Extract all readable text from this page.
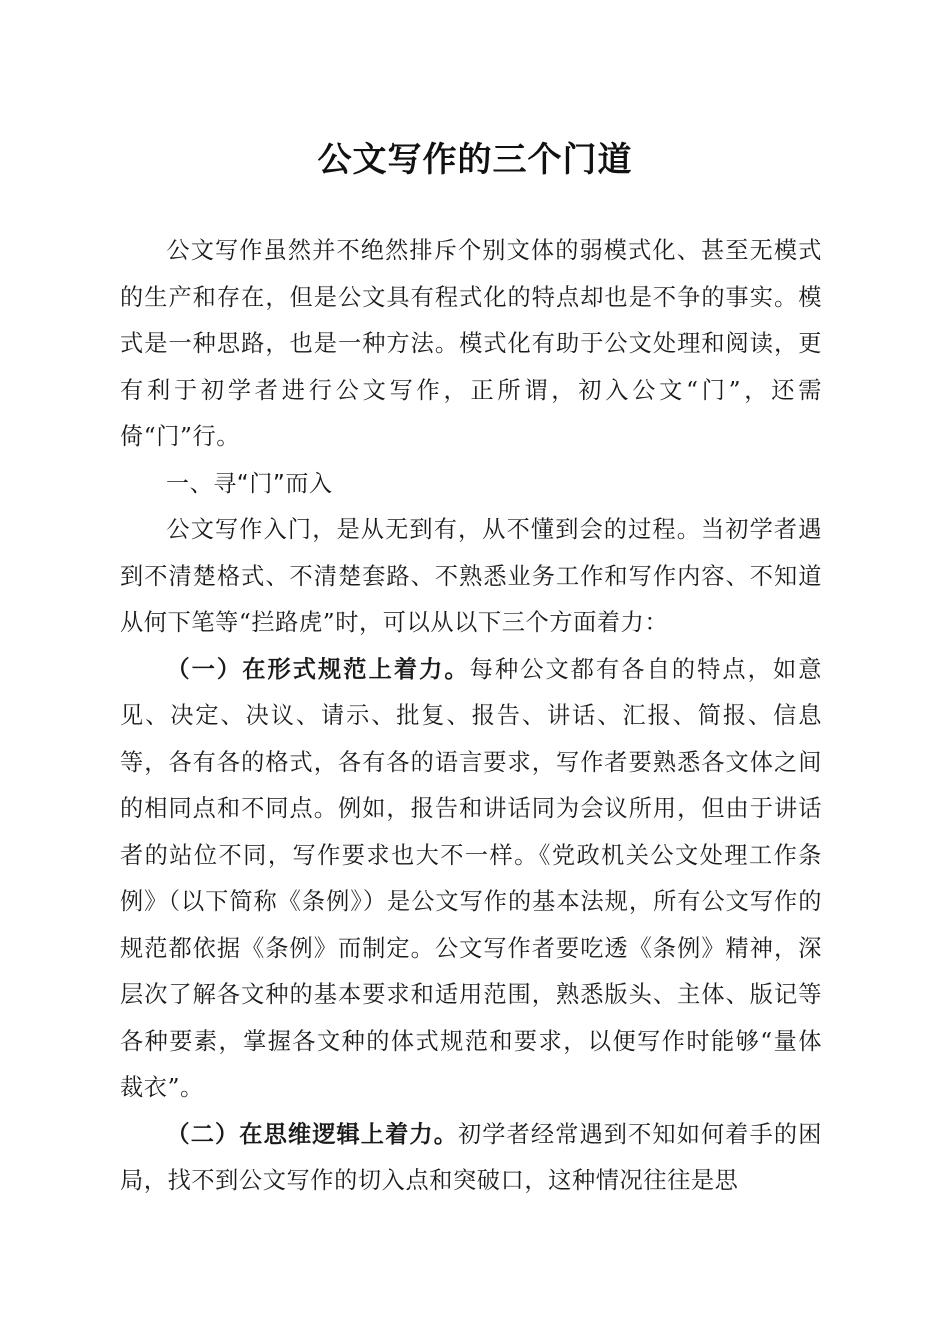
公文写作的三个门道

公文写作虽然并不绝然排斥个别文体的弱模式化、甚至无模式的生产和存在，但是公文具有程式化的特点却也是不争的事实。模式是一种思路，也是一种方法。模式化有助于公文处理和阅读，更有利于初学者进行公文写作，正所谓，初入公文“门”，还需倚“门”行。

一、寻“门”而入

公文写作入门，是从无到有，从不懂到会的过程。当初学者遇到不清楚格式、不清楚套路、不熟悉业务工作和写作内容、不知道从何下笔等“拦路虎”时，可以从以下三个方面着力：

（一）在形式规范上着力。每种公文都有各自的特点，如意见、决定、决议、请示、批复、报告、讲话、汇报、简报、信息等，各有各的格式，各有各的语言要求，写作者要熟悉各文体之间的相同点和不同点。例如，报告和讲话同为会议所用，但由于讲话者的站位不同，写作要求也大不一样。《党政机关公文处理工作条例》（以下简称《条例》）是公文写作的基本法规，所有公文写作的规范都依据《条例》而制定。公文写作者要吃透《条例》精神，深层次了解各文种的基本要求和适用范围，熟悉版头、主体、版记等各种要素，掌握各文种的体式规范和要求，以便写作时能够“量体裁衣”。

（二）在思维逻辑上着力。初学者经常遇到不知如何着手的困局，找不到公文写作的切入点和突破口，这种情况往往是思
